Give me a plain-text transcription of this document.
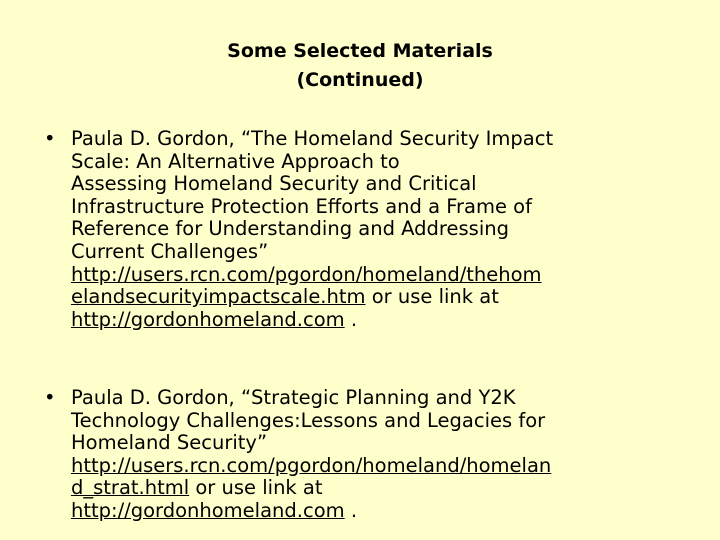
Some Selected Materials
(Continued)
• Paula D. Gordon, “The Homeland Security Impact
Scale: An Alternative Approach to
Assessing Homeland Security and Critical
Infrastructure Protection Efforts and a Frame of
Reference for Understanding and Addressing
Current Challenges”
http://users.rcn.com/pgordon/homeland/thehom
elandsecurityimpactscale.htm or use link at
http://gordonhomeland.com .
• Paula D. Gordon, “Strategic Planning and Y2K
Technology Challenges:Lessons and Legacies for
Homeland Security”
http://users.rcn.com/pgordon/homeland/homelan
d_strat.html or use link at
http://gordonhomeland.com .
